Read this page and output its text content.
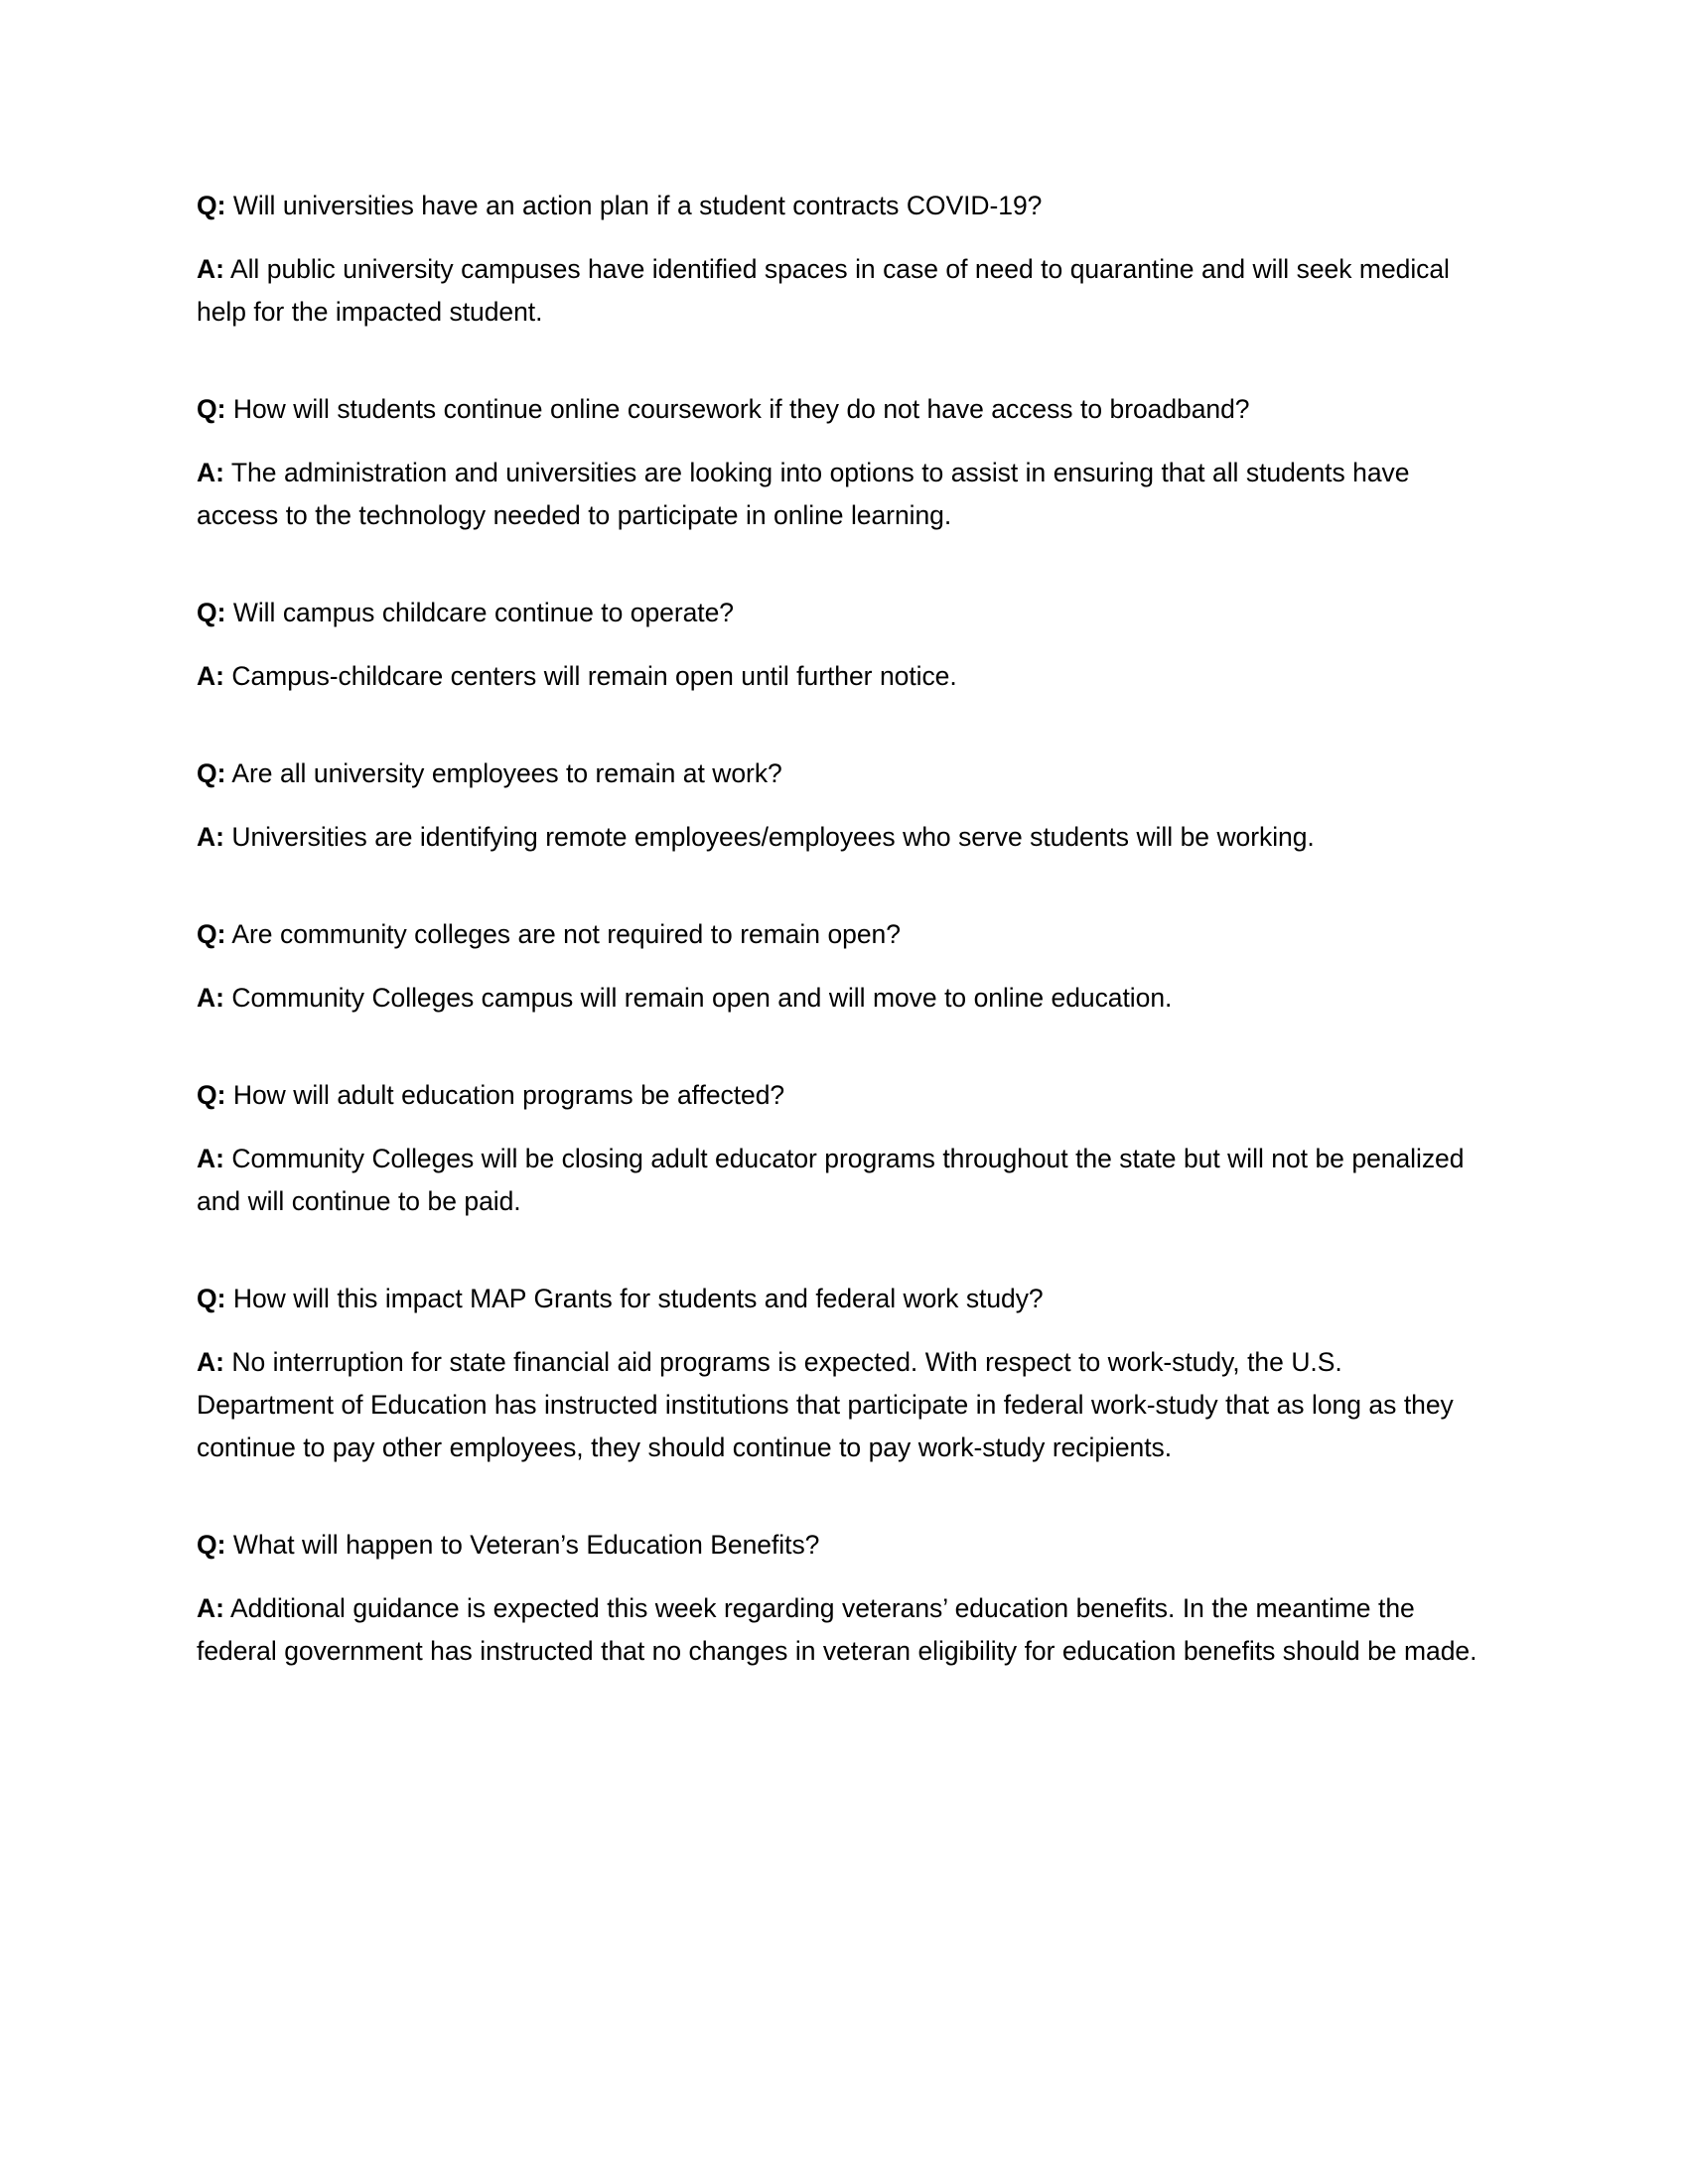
Q: Will universities have an action plan if a student contracts COVID-19?

A: All public university campuses have identified spaces in case of need to quarantine and will seek medical help for the impacted student.

Q: How will students continue online coursework if they do not have access to broadband?

A: The administration and universities are looking into options to assist in ensuring that all students have access to the technology needed to participate in online learning.

Q: Will campus childcare continue to operate?

A: Campus-childcare centers will remain open until further notice.

Q: Are all university employees to remain at work?

A: Universities are identifying remote employees/employees who serve students will be working.

Q: Are community colleges are not required to remain open?

A: Community Colleges campus will remain open and will move to online education.

Q: How will adult education programs be affected?

A: Community Colleges will be closing adult educator programs throughout the state but will not be penalized and will continue to be paid.

Q: How will this impact MAP Grants for students and federal work study?

A: No interruption for state financial aid programs is expected. With respect to work-study, the U.S. Department of Education has instructed institutions that participate in federal work-study that as long as they continue to pay other employees, they should continue to pay work-study recipients.

Q: What will happen to Veteran’s Education Benefits?

A: Additional guidance is expected this week regarding veterans’ education benefits. In the meantime the federal government has instructed that no changes in veteran eligibility for education benefits should be made.
